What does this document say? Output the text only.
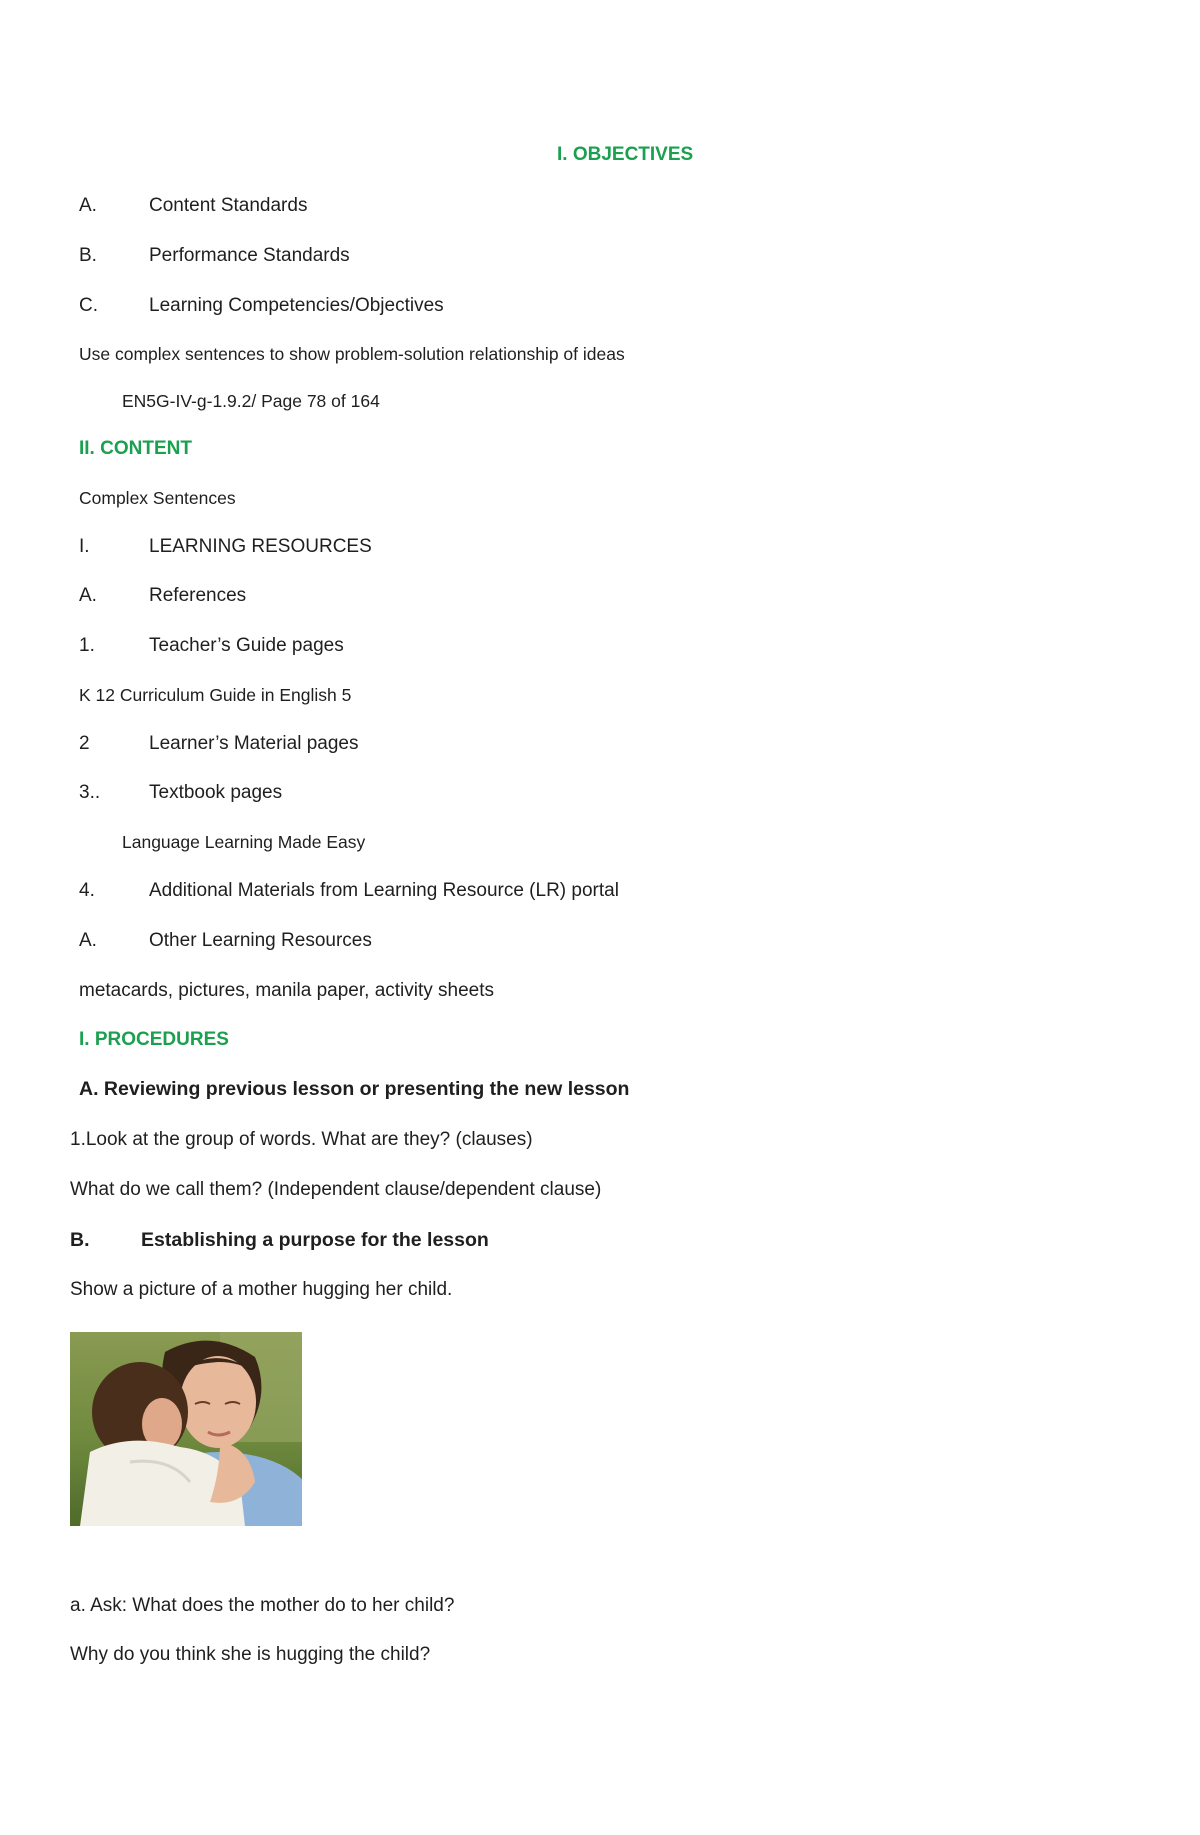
I. OBJECTIVES
A.	Content Standards
B.	Performance Standards
C.	Learning Competencies/Objectives
Use complex sentences to show problem-solution relationship of ideas
EN5G-IV-g-1.9.2/ Page 78 of 164
II. CONTENT
Complex Sentences
I.	LEARNING RESOURCES
A.	References
1.	Teacher’s Guide pages
K 12 Curriculum Guide in English 5
2	Learner’s Material pages
3..	Textbook pages
Language Learning Made Easy
4.	Additional Materials from Learning Resource (LR) portal
A.	Other Learning Resources
metacards, pictures, manila paper, activity sheets
I. PROCEDURES
A. Reviewing previous lesson or presenting the new lesson
1.Look at the group of words. What are they? (clauses)
What do we call them? (Independent clause/dependent clause)
B.	Establishing a purpose for the lesson
Show a picture of a mother hugging her child.
a. Ask: What does the mother do to her child?
Why do you think she is hugging the child?
